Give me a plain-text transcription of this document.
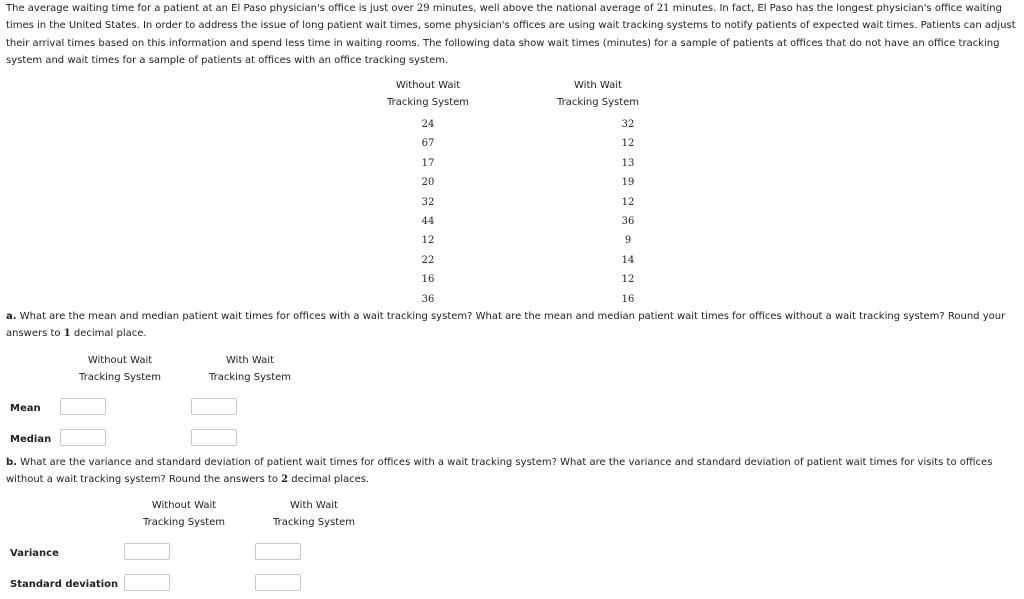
The average waiting time for a patient at an El Paso physician's office is just over 29 minutes, well above the national average of 21 minutes. In fact, El Paso has the longest physician's office waiting times in the United States. In order to address the issue of long patient wait times, some physician's offices are using wait tracking systems to notify patients of expected wait times. Patients can adjust their arrival times based on this information and spend less time in waiting rooms. The following data show wait times (minutes) for a sample of patients at offices that do not have an office tracking system and wait times for a sample of patients at offices with an office tracking system.

Without Wait
Tracking System
With Wait
Tracking System
24	32
67	12
17	13
20	19
32	12
44	36
12	9
22	14
16	12
36	16

a. What are the mean and median patient wait times for offices with a wait tracking system? What are the mean and median patient wait times for offices without a wait tracking system? Round your answers to 1 decimal place.

Without Wait
Tracking System
With Wait
Tracking System
Mean
Median

b. What are the variance and standard deviation of patient wait times for offices with a wait tracking system? What are the variance and standard deviation of patient wait times for visits to offices without a wait tracking system? Round the answers to 2 decimal places.

Without Wait
Tracking System
With Wait
Tracking System
Variance
Standard deviation
